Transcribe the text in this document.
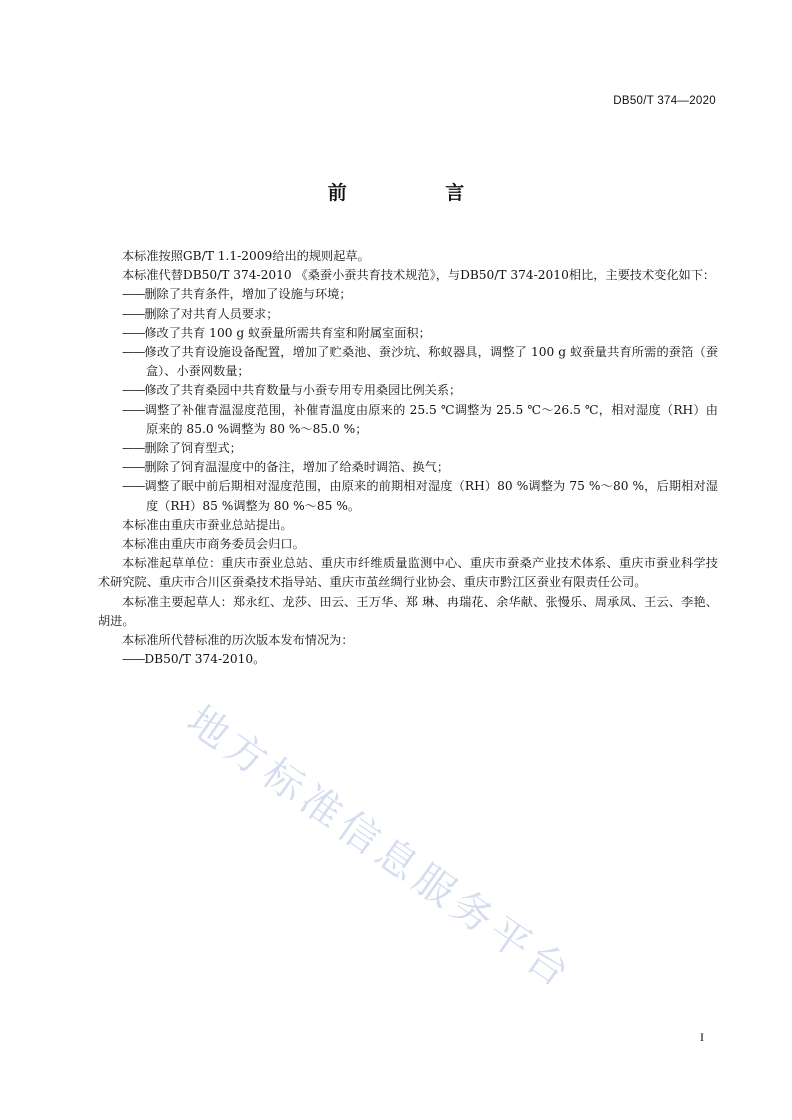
DB50/T 374—2020
前 言

本标准按照GB/T 1.1-2009给出的规则起草。

本标准代替DB50/T 374-2010 《桑蚕小蚕共育技术规范》，与DB50/T 374-2010相比，主要技术变化如下：

——删除了共育条件，增加了设施与环境；

——删除了对共育人员要求；

——修改了共育 100 g 蚁蚕量所需共育室和附属室面积；

——修改了共育设施设备配置，增加了贮桑池、蚕沙坑、称蚁器具，调整了 100 g 蚁蚕量共育所需的蚕箔（蚕盒）、小蚕网数量；

——修改了共育桑园中共育数量与小蚕专用专用桑园比例关系；

——调整了补催青温湿度范围，补催青温度由原来的 25.5 ℃调整为 25.5 ℃～26.5 ℃，相对湿度（RH）由原来的 85.0 %调整为 80 %～85.0 %；

——删除了饲育型式；

——删除了饲育温湿度中的备注，增加了给桑时调箔、换气；

——调整了眠中前后期相对湿度范围，由原来的前期相对湿度（RH）80 %调整为 75 %～80 %，后期相对湿度（RH）85 %调整为 80 %～85 %。

本标准由重庆市蚕业总站提出。

本标准由重庆市商务委员会归口。

本标准起草单位：重庆市蚕业总站、重庆市纤维质量监测中心、重庆市蚕桑产业技术体系、重庆市蚕业科学技术研究院、重庆市合川区蚕桑技术指导站、重庆市茧丝绸行业协会、重庆市黔江区蚕业有限责任公司。

本标准主要起草人：郑永红、龙莎、田云、王万华、郑 琳、冉瑞花、余华献、张慢乐、周承凤、王云、李艳、胡进。

本标准所代替标准的历次版本发布情况为：

——DB50/T 374-2010。

地方标准信息服务平台
I
